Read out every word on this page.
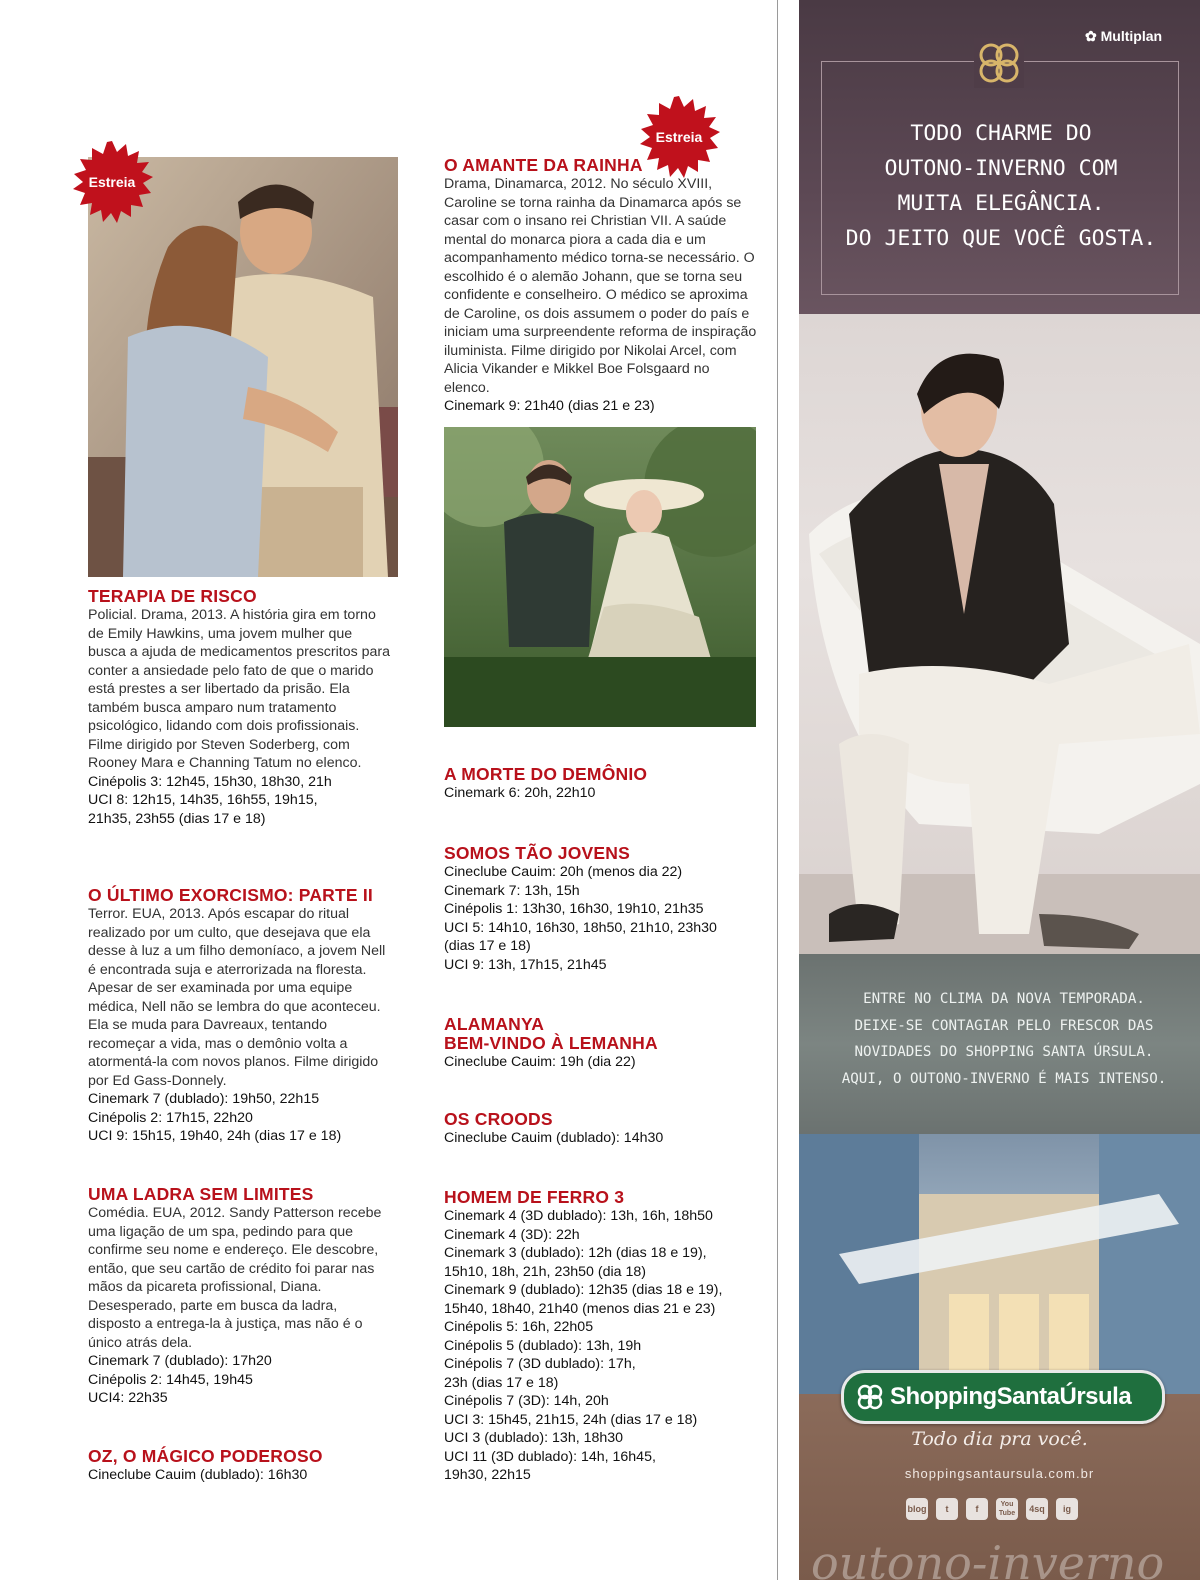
Estreia

TERAPIA DE RISCO

Policial. Drama, 2013. A história gira em torno de Emily Hawkins, uma jovem mulher que busca a ajuda de medicamentos prescritos para conter a ansiedade pelo fato de que o marido está prestes a ser libertado da prisão. Ela também busca amparo num tratamento psicológico, lidando com dois profissionais. Filme dirigido por Steven Soderberg, com Rooney Mara e Channing Tatum no elenco.

Cinépolis 3: 12h45, 15h30, 18h30, 21h

UCI 8: 12h15, 14h35, 16h55, 19h15,

21h35, 23h55 (dias 17 e 18)

O ÚLTIMO EXORCISMO: PARTE II

Terror. EUA, 2013. Após escapar do ritual realizado por um culto, que desejava que ela desse à luz a um filho demoníaco, a jovem Nell é encontrada suja e aterrorizada na floresta. Apesar de ser examinada por uma equipe médica, Nell não se lembra do que aconteceu. Ela se muda para Davreaux, tentando recomeçar a vida, mas o demônio volta a atormentá-la com novos planos. Filme dirigido por Ed Gass-Donnely.

Cinemark 7 (dublado): 19h50, 22h15

Cinépolis 2: 17h15, 22h20

UCI 9: 15h15, 19h40, 24h (dias 17 e 18)

UMA LADRA SEM LIMITES

Comédia. EUA, 2012. Sandy Patterson recebe uma ligação de um spa, pedindo para que confirme seu nome e endereço. Ele descobre, então, que seu cartão de crédito foi parar nas mãos da picareta profissional, Diana. Desesperado, parte em busca da ladra, disposto a entrega-la à justiça, mas não é o único atrás dela.

Cinemark 7 (dublado): 17h20

Cinépolis 2: 14h45, 19h45

UCI4: 22h35

OZ, O MÁGICO PODEROSO

Cineclube Cauim (dublado): 16h30

Estreia

O AMANTE DA RAINHA

Drama, Dinamarca, 2012. No século XVIII, Caroline se torna rainha da Dinamarca após se casar com o insano rei Christian VII. A saúde mental do monarca piora a cada dia e um acompanhamento médico torna-se necessário. O escolhido é o alemão Johann, que se torna seu confidente e conselheiro. O médico se aproxima de Caroline, os dois assumem o poder do país e iniciam uma surpreendente reforma de inspiração iluminista. Filme dirigido por Nikolai Arcel, com Alicia Vikander e Mikkel Boe Folsgaard no elenco.

Cinemark 9: 21h40 (dias 21 e 23)

A MORTE DO DEMÔNIO

Cinemark 6: 20h, 22h10

SOMOS TÃO JOVENS

Cineclube Cauim: 20h (menos dia 22)

Cinemark 7: 13h, 15h

Cinépolis 1: 13h30, 16h30, 19h10, 21h35

UCI 5: 14h10, 16h30, 18h50, 21h10, 23h30

(dias 17 e 18)

UCI 9: 13h, 17h15, 21h45

ALAMANYA

BEM-VINDO À LEMANHA

Cineclube Cauim: 19h (dia 22)

OS CROODS

Cineclube Cauim (dublado): 14h30

HOMEM DE FERRO 3

Cinemark 4 (3D dublado): 13h, 16h, 18h50

Cinemark 4 (3D): 22h

Cinemark 3 (dublado): 12h (dias 18 e 19),

15h10, 18h, 21h, 23h50 (dia 18)

Cinemark 9 (dublado): 12h35 (dias 18 e 19),

15h40, 18h40, 21h40 (menos dias 21 e 23)

Cinépolis 5: 16h, 22h05

Cinépolis 5 (dublado): 13h, 19h

Cinépolis 7 (3D dublado): 17h,

23h (dias 17 e 18)

Cinépolis 7 (3D): 14h, 20h

UCI 3: 15h45, 21h15, 24h (dias 17 e 18)

UCI 3 (dublado): 13h, 18h30

UCI 11 (3D dublado): 14h, 16h45,

19h30, 22h15

✿ Multiplan
TODO CHARME DO
OUTONO-INVERNO COM
MUITA ELEGÂNCIA.
DO JEITO QUE VOCÊ GOSTA.
ENTRE NO CLIMA DA NOVA TEMPORADA.
DEIXE-SE CONTAGIAR PELO FRESCOR DAS
NOVIDADES DO SHOPPING SANTA ÚRSULA.
AQUI, O OUTONO-INVERNO É MAIS INTENSO.
ShoppingSantaÚrsula
Todo dia pra você.
shoppingsantaursula.com.br
blog	t	f	You Tube	4sq	ig
outono-inverno
